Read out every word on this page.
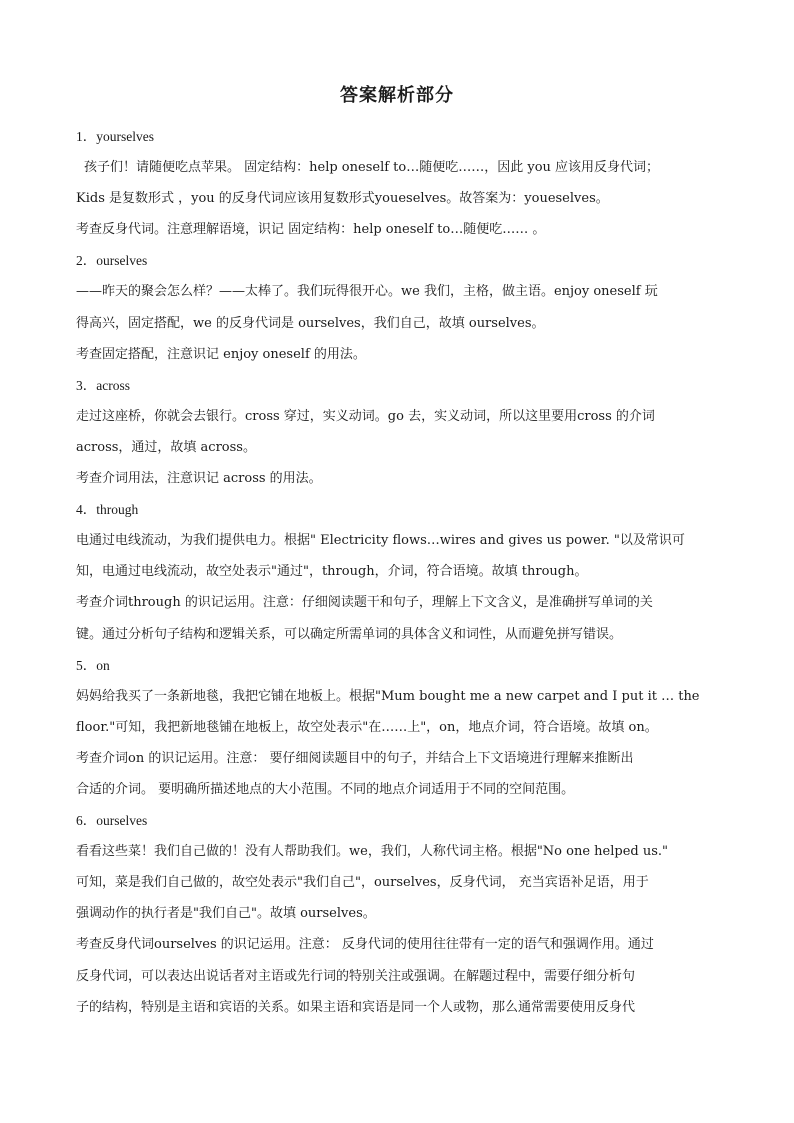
答案解析部分
1．yourselves
孩子们！请随便吃点苹果。 固定结构：help oneself to…随便吃……，因此 you 应该用反身代词；
Kids 是复数形式 ，you 的反身代词应该用复数形式youeselves。故答案为：youeselves。
考查反身代词。注意理解语境，识记 固定结构：help oneself to…随便吃…… 。
2．ourselves
——昨天的聚会怎么样？——太棒了。我们玩得很开心。we 我们，主格，做主语。enjoy oneself 玩
得高兴，固定搭配，we 的反身代词是 ourselves，我们自己，故填 ourselves。
考查固定搭配，注意识记 enjoy oneself 的用法。
3．across
走过这座桥，你就会去银行。cross 穿过，实义动词。go 去，实义动词，所以这里要用cross 的介词
across，通过，故填 across。
考查介词用法，注意识记 across 的用法。
4．through
电通过电线流动，为我们提供电力。根据" Electricity flows…wires and gives us power. "以及常识可
知，电通过电线流动，故空处表示"通过"，through，介词，符合语境。故填 through。
考查介词through 的识记运用。注意：仔细阅读题干和句子，理解上下文含义，是准确拼写单词的关
键。通过分析句子结构和逻辑关系，可以确定所需单词的具体含义和词性，从而避免拼写错误。
5．on
妈妈给我买了一条新地毯，我把它铺在地板上。根据"Mum bought me a new carpet and I put it … the
floor."可知，我把新地毯铺在地板上，故空处表示"在……上"，on，地点介词，符合语境。故填 on。
考查介词on 的识记运用。注意： 要仔细阅读题目中的句子，并结合上下文语境进行理解来推断出
合适的介词。 要明确所描述地点的大小范围。不同的地点介词适用于不同的空间范围。
6．ourselves
看看这些菜！我们自己做的！没有人帮助我们。we，我们，人称代词主格。根据"No one helped us."
可知，菜是我们自己做的，故空处表示"我们自己"，ourselves，反身代词， 充当宾语补足语，用于
强调动作的执行者是"我们自己"。故填 ourselves。
考查反身代词ourselves 的识记运用。注意： 反身代词的使用往往带有一定的语气和强调作用。通过
反身代词，可以表达出说话者对主语或先行词的特别关注或强调。在解题过程中，需要仔细分析句
子的结构，特别是主语和宾语的关系。如果主语和宾语是同一个人或物，那么通常需要使用反身代
